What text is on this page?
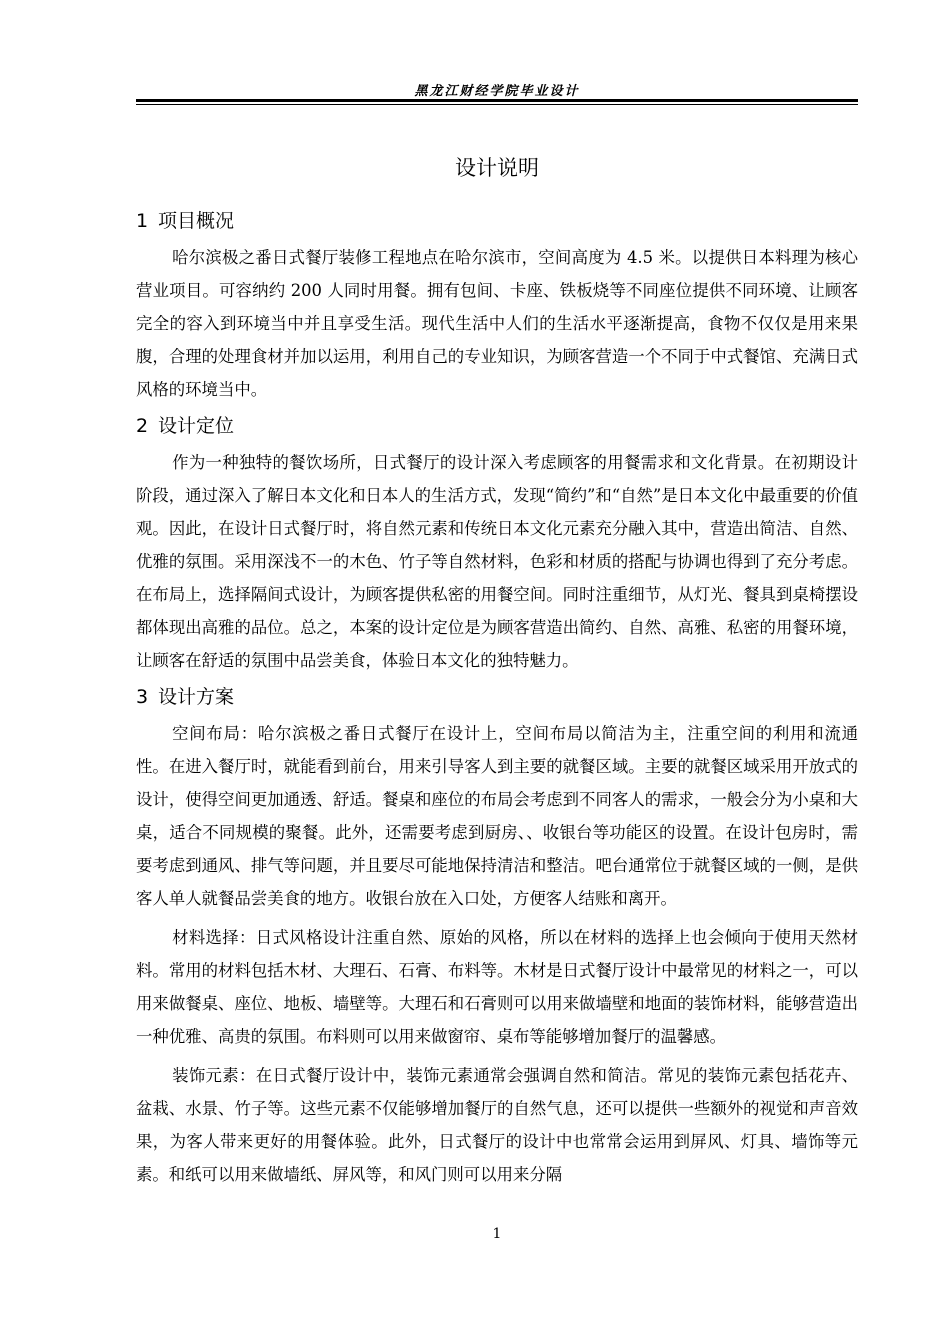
黑龙江财经学院毕业设计
设计说明
1 项目概况

哈尔滨极之番日式餐厅装修工程地点在哈尔滨市，空间高度为 4.5 米。以提供日本料理为核心营业项目。可容纳约 200 人同时用餐。拥有包间、卡座、铁板烧等不同座位提供不同环境、让顾客完全的容入到环境当中并且享受生活。现代生活中人们的生活水平逐渐提高，食物不仅仅是用来果腹，合理的处理食材并加以运用，利用自己的专业知识，为顾客营造一个不同于中式餐馆、充满日式风格的环境当中。

2 设计定位

作为一种独特的餐饮场所，日式餐厅的设计深入考虑顾客的用餐需求和文化背景。在初期设计阶段，通过深入了解日本文化和日本人的生活方式，发现“简约”和“自然”是日本文化中最重要的价值观。因此，在设计日式餐厅时，将自然元素和传统日本文化元素充分融入其中，营造出简洁、自然、优雅的氛围。采用深浅不一的木色、竹子等自然材料，色彩和材质的搭配与协调也得到了充分考虑。在布局上，选择隔间式设计，为顾客提供私密的用餐空间。同时注重细节，从灯光、餐具到桌椅摆设都体现出高雅的品位。总之，本案的设计定位是为顾客营造出简约、自然、高雅、私密的用餐环境，让顾客在舒适的氛围中品尝美食，体验日本文化的独特魅力。

3 设计方案

空间布局：哈尔滨极之番日式餐厅在设计上，空间布局以简洁为主，注重空间的利用和流通性。在进入餐厅时，就能看到前台，用来引导客人到主要的就餐区域。主要的就餐区域采用开放式的设计，使得空间更加通透、舒适。餐桌和座位的布局会考虑到不同客人的需求，一般会分为小桌和大桌，适合不同规模的聚餐。此外，还需要考虑到厨房、、收银台等功能区的设置。在设计包房时，需要考虑到通风、排气等问题，并且要尽可能地保持清洁和整洁。吧台通常位于就餐区域的一侧，是供客人单人就餐品尝美食的地方。收银台放在入口处，方便客人结账和离开。

材料选择：日式风格设计注重自然、原始的风格，所以在材料的选择上也会倾向于使用天然材料。常用的材料包括木材、大理石、石膏、布料等。木材是日式餐厅设计中最常见的材料之一，可以用来做餐桌、座位、地板、墙壁等。大理石和石膏则可以用来做墙壁和地面的装饰材料，能够营造出一种优雅、高贵的氛围。布料则可以用来做窗帘、桌布等能够增加餐厅的温馨感。

装饰元素：在日式餐厅设计中，装饰元素通常会强调自然和简洁。常见的装饰元素包括花卉、盆栽、水景、竹子等。这些元素不仅能够增加餐厅的自然气息，还可以提供一些额外的视觉和声音效果，为客人带来更好的用餐体验。此外，日式餐厅的设计中也常常会运用到屏风、灯具、墙饰等元素。和纸可以用来做墙纸、屏风等，和风门则可以用来分隔

1
